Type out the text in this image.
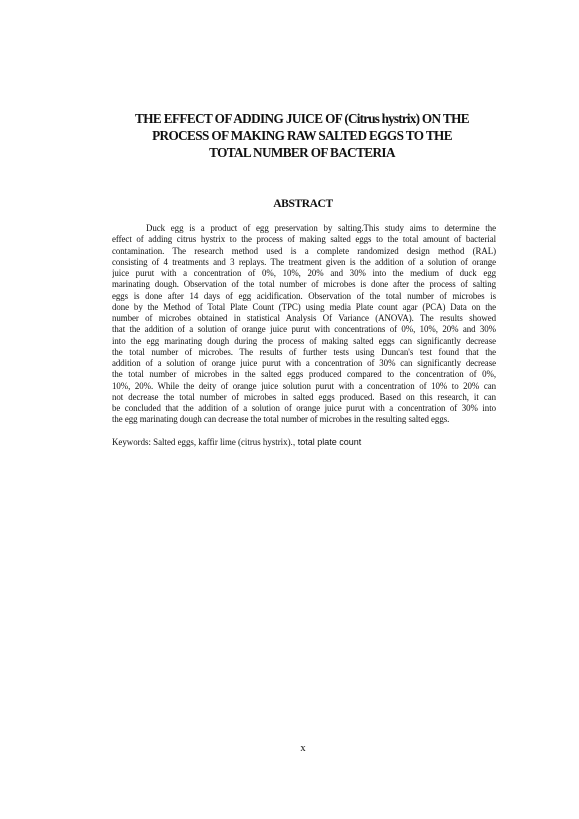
THE EFFECT OF ADDING JUICE OF (Citrus hystrix) ON THE
PROCESS OF MAKING RAW SALTED EGGS TO THE
TOTAL NUMBER OF BACTERIA
ABSTRACT
Duck egg is a product of egg preservation by salting.This study aims to determine the
effect of adding citrus hystrix to the process of making salted eggs to the total amount of bacterial
contamination. The research method used is a complete randomized design method (RAL)
consisting of 4 treatments and 3 replays. The treatment given is the addition of a solution of orange
juice purut with a concentration of 0%, 10%, 20% and 30% into the medium of duck egg
marinating dough. Observation of the total number of microbes is done after the process of salting
eggs is done after 14 days of egg acidification. Observation of the total number of microbes is
done by the Method of Total Plate Count (TPC) using media Plate count agar (PCA) Data on the
number of microbes obtained in statistical Analysis Of Variance (ANOVA). The results showed
that the addition of a solution of orange juice purut with concentrations of 0%, 10%, 20% and 30%
into the egg marinating dough during the process of making salted eggs can significantly decrease
the total number of microbes. The results of further tests using Duncan's test found that the
addition of a solution of orange juice purut with a concentration of 30% can significantly decrease
the total number of microbes in the salted eggs produced compared to the concentration of 0%,
10%, 20%. While the deity of orange juice solution purut with a concentration of 10% to 20% can
not decrease the total number of microbes in salted eggs produced. Based on this research, it can
be concluded that the addition of a solution of orange juice purut with a concentration of 30% into
the egg marinating dough can decrease the total number of microbes in the resulting salted eggs.
Keywords: Salted eggs, kaffir lime (citrus hystrix)., total plate count
x
